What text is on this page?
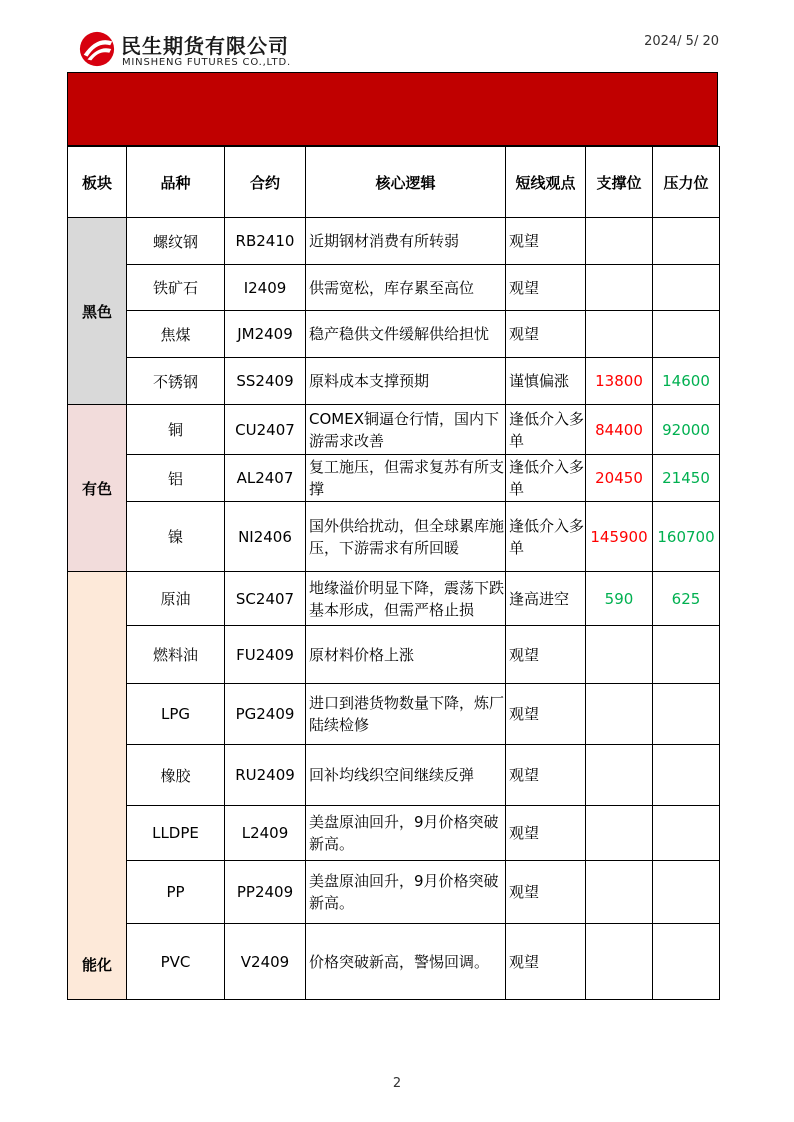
民生期货有限公司
MINSHENG FUTURES CO.,LTD.
2024/ 5/ 20
板块	品种	合约	核心逻辑	短线观点	支撑位	压力位
黑色	螺纹钢	RB2410	近期钢材消费有所转弱	观望		
	铁矿石	I2409	供需宽松，库存累至高位	观望		
	焦煤	JM2409	稳产稳供文件缓解供给担忧	观望		
	不锈钢	SS2409	原料成本支撑预期	谨慎偏涨	13800	14600
有色	铜	CU2407	COMEX铜逼仓行情，国内下游需求改善	逢低介入多单	84400	92000
	铝	AL2407	复工施压，但需求复苏有所支撑	逢低介入多单	20450	21450
	镍	NI2406	国外供给扰动，但全球累库施压，下游需求有所回暖	逢低介入多单	145900	160700
能化	原油	SC2407	地缘溢价明显下降，震荡下跌基本形成，但需严格止损	逢高进空	590	625
	燃料油	FU2409	原材料价格上涨	观望		
	LPG	PG2409	进口到港货物数量下降，炼厂陆续检修	观望		
	橡胶	RU2409	回补均线织空间继续反弹	观望		
	LLDPE	L2409	美盘原油回升，9月价格突破新高。	观望		
	PP	PP2409	美盘原油回升，9月价格突破新高。	观望		
	PVC	V2409	价格突破新高，警惕回调。	观望		
2
